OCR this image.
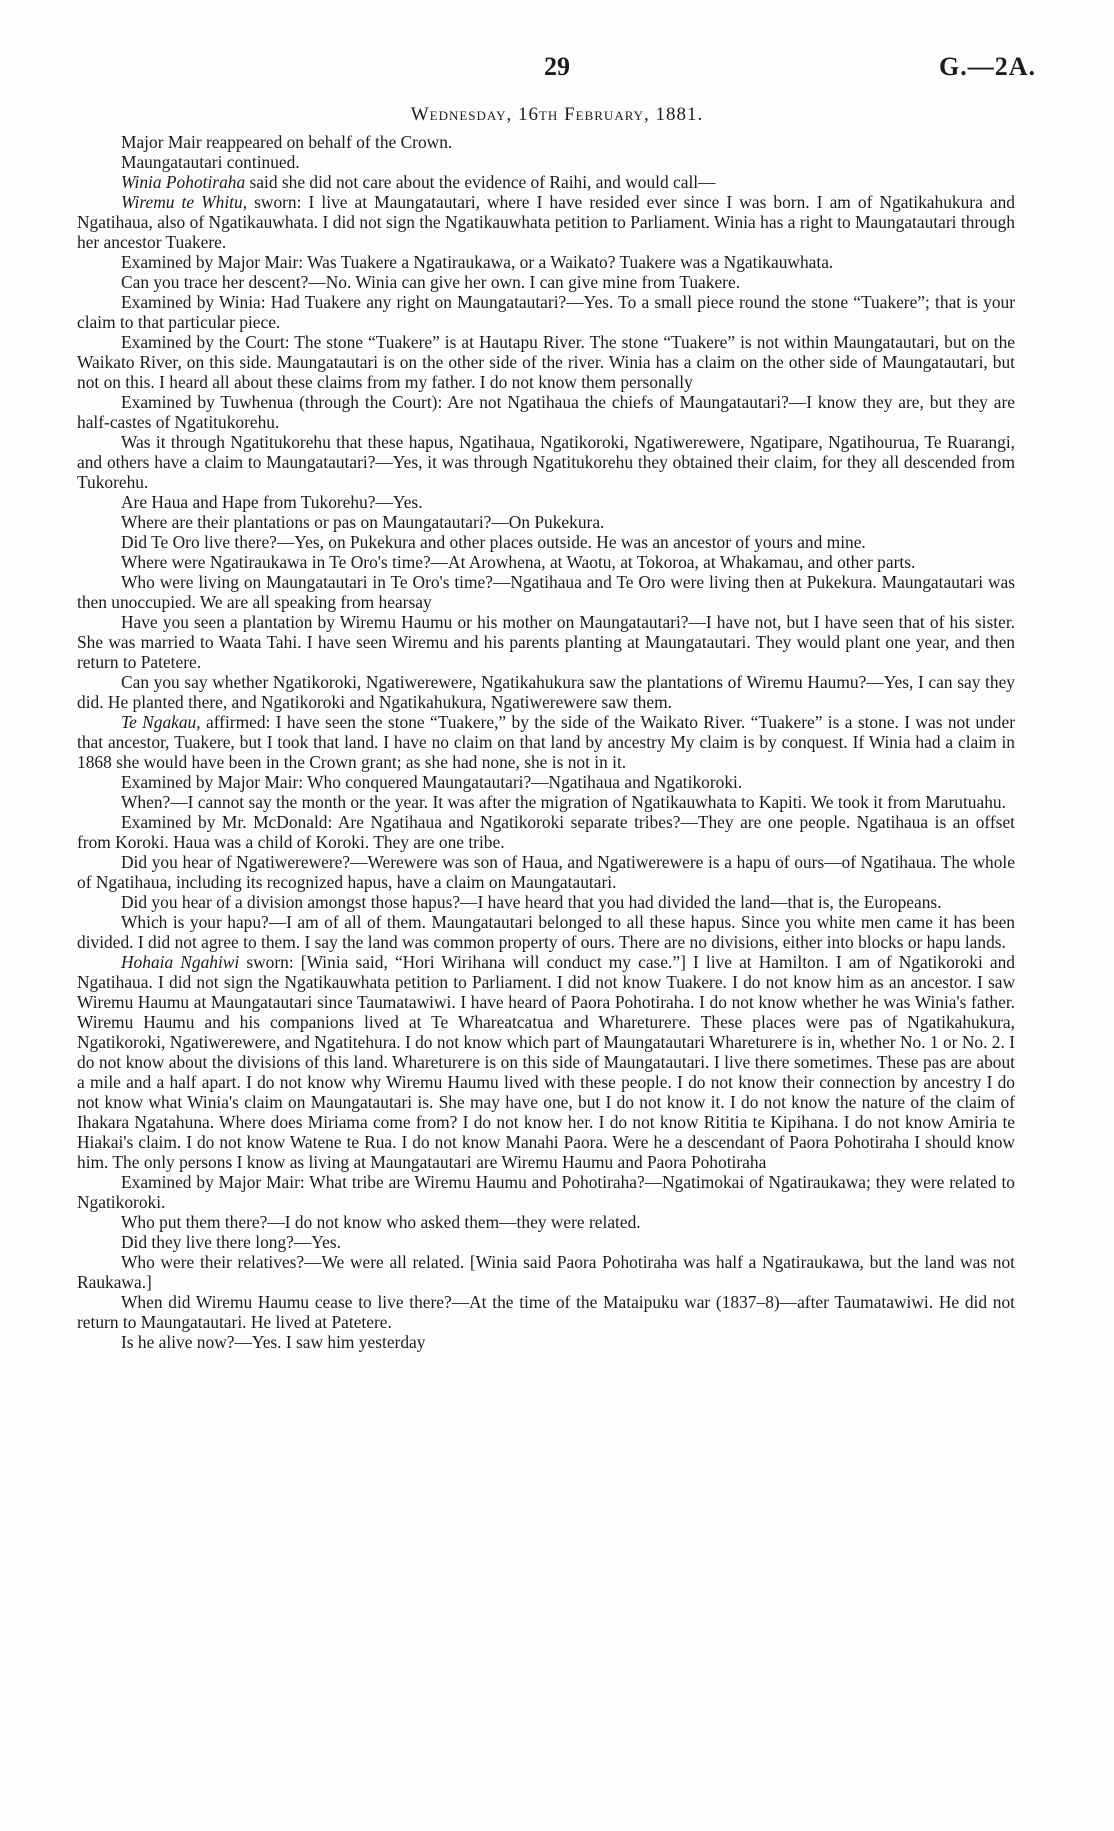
29	G.—2A.
Wednesday, 16th February, 1881.

Major Mair reappeared on behalf of the Crown.

Maungatautari continued.

Winia Pohotiraha said she did not care about the evidence of Raihi, and would call—

Wiremu te Whitu, sworn: I live at Maungatautari, where I have resided ever since I was born. I am of Ngatikahukura and Ngatihaua, also of Ngatikauwhata. I did not sign the Ngatikauwhata petition to Parliament. Winia has a right to Maungatautari through her ancestor Tuakere.

Examined by Major Mair: Was Tuakere a Ngatiraukawa, or a Waikato? Tuakere was a Ngatikauwhata.

Can you trace her descent?—No. Winia can give her own. I can give mine from Tuakere.

Examined by Winia: Had Tuakere any right on Maungatautari?—Yes. To a small piece round the stone “Tuakere”; that is your claim to that particular piece.

Examined by the Court: The stone “Tuakere” is at Hautapu River. The stone “Tuakere” is not within Maungatautari, but on the Waikato River, on this side. Maungatautari is on the other side of the river. Winia has a claim on the other side of Maungatautari, but not on this. I heard all about these claims from my father. I do not know them personally

Examined by Tuwhenua (through the Court): Are not Ngatihaua the chiefs of Maungatautari?—I know they are, but they are half-castes of Ngatitukorehu.

Was it through Ngatitukorehu that these hapus, Ngatihaua, Ngatikoroki, Ngatiwerewere, Ngatipare, Ngatihourua, Te Ruarangi, and others have a claim to Maungatautari?—Yes, it was through Ngatitukorehu they obtained their claim, for they all descended from Tukorehu.

Are Haua and Hape from Tukorehu?—Yes.

Where are their plantations or pas on Maungatautari?—On Pukekura.

Did Te Oro live there?—Yes, on Pukekura and other places outside. He was an ancestor of yours and mine.

Where were Ngatiraukawa in Te Oro's time?—At Arowhena, at Waotu, at Tokoroa, at Whakamau, and other parts.

Who were living on Maungatautari in Te Oro's time?—Ngatihaua and Te Oro were living then at Pukekura. Maungatautari was then unoccupied. We are all speaking from hearsay

Have you seen a plantation by Wiremu Haumu or his mother on Maungatautari?—I have not, but I have seen that of his sister. She was married to Waata Tahi. I have seen Wiremu and his parents planting at Maungatautari. They would plant one year, and then return to Patetere.

Can you say whether Ngatikoroki, Ngatiwerewere, Ngatikahukura saw the plantations of Wiremu Haumu?—Yes, I can say they did. He planted there, and Ngatikoroki and Ngatikahukura, Ngatiwerewere saw them.

Te Ngakau, affirmed: I have seen the stone “Tuakere,” by the side of the Waikato River. “Tuakere” is a stone. I was not under that ancestor, Tuakere, but I took that land. I have no claim on that land by ancestry My claim is by conquest. If Winia had a claim in 1868 she would have been in the Crown grant; as she had none, she is not in it.

Examined by Major Mair: Who conquered Maungatautari?—Ngatihaua and Ngatikoroki.

When?—I cannot say the month or the year. It was after the migration of Ngatikauwhata to Kapiti. We took it from Marutuahu.

Examined by Mr. McDonald: Are Ngatihaua and Ngatikoroki separate tribes?—They are one people. Ngatihaua is an offset from Koroki. Haua was a child of Koroki. They are one tribe.

Did you hear of Ngatiwerewere?—Werewere was son of Haua, and Ngatiwerewere is a hapu of ours—of Ngatihaua. The whole of Ngatihaua, including its recognized hapus, have a claim on Maungatautari.

Did you hear of a division amongst those hapus?—I have heard that you had divided the land—that is, the Europeans.

Which is your hapu?—I am of all of them. Maungatautari belonged to all these hapus. Since you white men came it has been divided. I did not agree to them. I say the land was common property of ours. There are no divisions, either into blocks or hapu lands.

Hohaia Ngahiwi sworn: [Winia said, “Hori Wirihana will conduct my case.”] I live at Hamilton. I am of Ngatikoroki and Ngatihaua. I did not sign the Ngatikauwhata petition to Parliament. I did not know Tuakere. I do not know him as an ancestor. I saw Wiremu Haumu at Maungatautari since Taumatawiwi. I have heard of Paora Pohotiraha. I do not know whether he was Winia's father. Wiremu Haumu and his companions lived at Te Whareatcatua and Wharetureге. These places were pas of Ngatikahukura, Ngatikoroki, Ngatiwerewere, and Ngatitehura. I do not know which part of Maungatautari Wharetureге is in, whether No. 1 or No. 2. I do not know about the divisions of this land. Wharetureге is on this side of Maungatautari. I live there sometimes. These pas are about a mile and a half apart. I do not know why Wiremu Haumu lived with these people. I do not know their connection by ancestry I do not know what Winia's claim on Maungatautari is. She may have one, but I do not know it. I do not know the nature of the claim of Ihakara Ngatahuna. Where does Miriama come from? I do not know her. I do not know Rititia te Kipihana. I do not know Amiria te Hiakai's claim. I do not know Watene te Rua. I do not know Manahi Paora. Were he a descendant of Paora Pohotiraha I should know him. The only persons I know as living at Maungatautari are Wiremu Haumu and Paora Pohotiraha

Examined by Major Mair: What tribe are Wiremu Haumu and Pohotiraha?—Ngatimokai of Ngatiraukawa; they were related to Ngatikoroki.

Who put them there?—I do not know who asked them—they were related.

Did they live there long?—Yes.

Who were their relatives?—We were all related. [Winia said Paora Pohotiraha was half a Ngatiraukawa, but the land was not Raukawa.]

When did Wiremu Haumu cease to live there?—At the time of the Mataipuku war (1837–8)—after Taumatawiwi. He did not return to Maungatautari. He lived at Patetere.

Is he alive now?—Yes. I saw him yesterday
